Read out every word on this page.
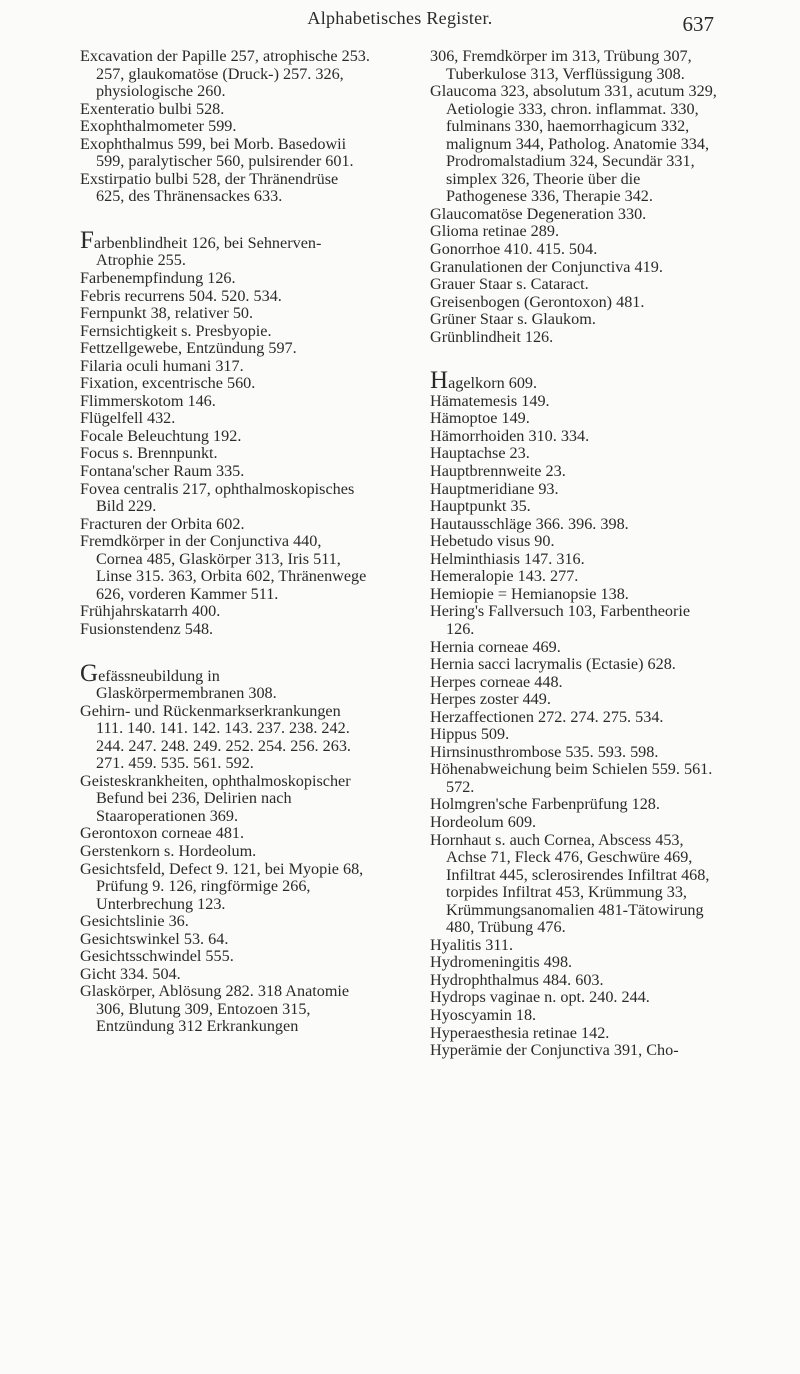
Alphabetisches Register.	637
Excavation der Papille 257, atrophische 253. 257, glaukomatöse (Druck-) 257. 326, physiologische 260.
Exenteratio bulbi 528.
Exophthalmometer 599.
Exophthalmus 599, bei Morb. Basedowii 599, paralytischer 560, pulsirender 601.
Exstirpatio bulbi 528, der Thränendrüse 625, des Thränensackes 633.
Farbenblindheit 126, bei Sehnerven-Atrophie 255.
Farbenempfindung 126.
Febris recurrens 504. 520. 534.
Fernpunkt 38, relativer 50.
Fernsichtigkeit s. Presbyopie.
Fettzellgewebe, Entzündung 597.
Filaria oculi humani 317.
Fixation, excentrische 560.
Flimmerskotom 146.
Flügelfell 432.
Focale Beleuchtung 192.
Focus s. Brennpunkt.
Fontana'scher Raum 335.
Fovea centralis 217, ophthalmoskopisches Bild 229.
Fracturen der Orbita 602.
Fremdkörper in der Conjunctiva 440, Cornea 485, Glaskörper 313, Iris 511, Linse 315. 363, Orbita 602, Thränenwege 626, vorderen Kammer 511.
Frühjahrskatarrh 400.
Fusionstendenz 548.
Gefässneubildung in Glaskörpermembranen 308.
Gehirn- und Rückenmarkserkrankungen 111. 140. 141. 142. 143. 237. 238. 242. 244. 247. 248. 249. 252. 254. 256. 263. 271. 459. 535. 561. 592.
Geisteskrankheiten, ophthalmoskopischer Befund bei 236, Delirien nach Staaroperationen 369.
Gerontoxon corneae 481.
Gerstenkorn s. Hordeolum.
Gesichtsfeld, Defect 9. 121, bei Myopie 68, Prüfung 9. 126, ringförmige 266, Unterbrechung 123.
Gesichtslinie 36.
Gesichtswinkel 53. 64.
Gesichtsschwindel 555.
Gicht 334. 504.
Glaskörper, Ablösung 282. 318 Anatomie 306, Blutung 309, Entozoen 315, Entzündung 312 Erkrankungen
306, Fremdkörper im 313, Trübung 307, Tuberkulose 313, Verflüssigung 308.
Glaucoma 323, absolutum 331, acutum 329, Aetiologie 333, chron. inflammat. 330, fulminans 330, haemorrhagicum 332, malignum 344, Patholog. Anatomie 334, Prodromalstadium 324, Secundär 331, simplex 326, Theorie über die Pathogenese 336, Therapie 342.
Glaucomatöse Degeneration 330.
Glioma retinae 289.
Gonorrhoe 410. 415. 504.
Granulationen der Conjunctiva 419.
Grauer Staar s. Cataract.
Greisenbogen (Gerontoxon) 481.
Grüner Staar s. Glaukom.
Grünblindheit 126.
Hagelkorn 609.
Hämatemesis 149.
Hämoptoe 149.
Hämorrhoiden 310. 334.
Hauptachse 23.
Hauptbrennweite 23.
Hauptmeridiane 93.
Hauptpunkt 35.
Hautausschläge 366. 396. 398.
Hebetudo visus 90.
Helminthiasis 147. 316.
Hemeralopie 143. 277.
Hemiopie = Hemianopsie 138.
Hering's Fallversuch 103, Farbentheorie 126.
Hernia corneae 469.
Hernia sacci lacrymalis (Ectasie) 628.
Herpes corneae 448.
Herpes zoster 449.
Herzaffectionen 272. 274. 275. 534.
Hippus 509.
Hirnsinusthrombose 535. 593. 598.
Höhenabweichung beim Schielen 559. 561. 572.
Holmgren'sche Farbenprüfung 128.
Hordeolum 609.
Hornhaut s. auch Cornea, Abscess 453, Achse 71, Fleck 476, Geschwüre 469, Infiltrat 445, sclerosirendes Infiltrat 468, torpides Infiltrat 453, Krümmung 33, Krümmungsanomalien 481-Tätowirung 480, Trübung 476.
Hyalitis 311.
Hydromeningitis 498.
Hydrophthalmus 484. 603.
Hydrops vaginae n. opt. 240. 244.
Hyoscyamin 18.
Hyperaesthesia retinae 142.
Hyperämie der Conjunctiva 391, Cho-
